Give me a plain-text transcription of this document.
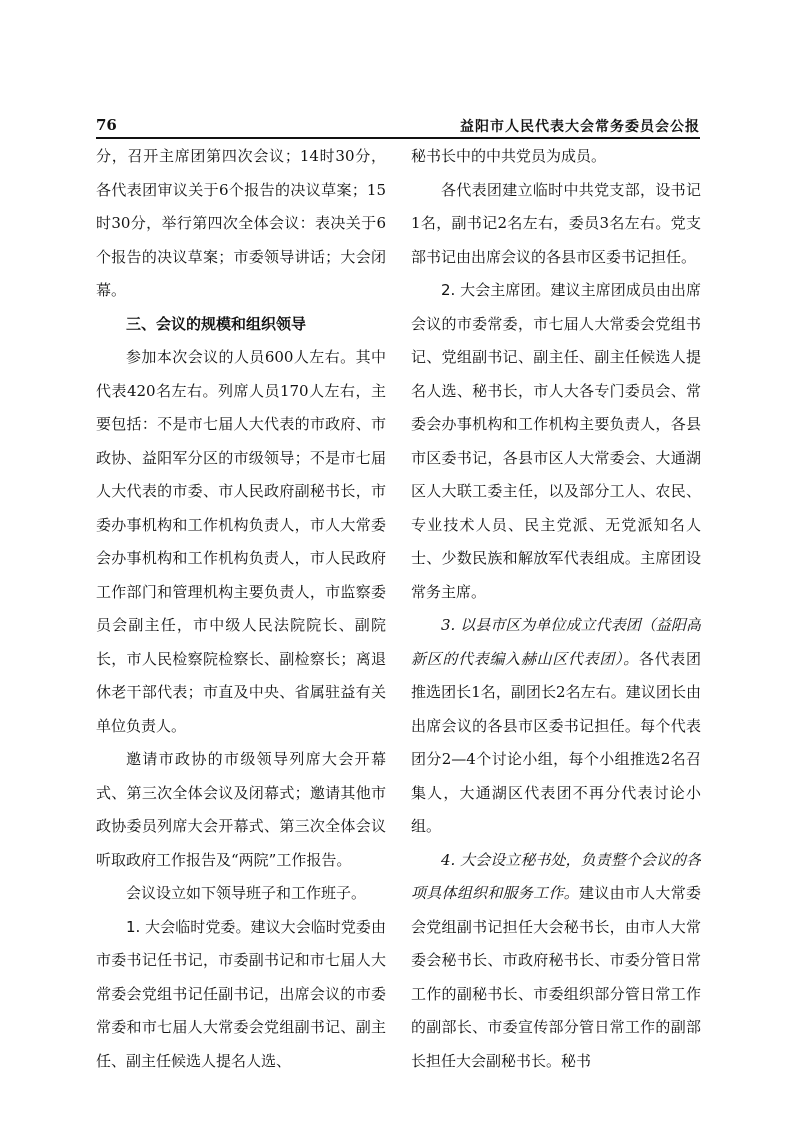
76	益阳市人民代表大会常务委员会公报

分，召开主席团第四次会议；14时30分，各代表团审议关于6个报告的决议草案；15时30分，举行第四次全体会议：表决关于6个报告的决议草案；市委领导讲话；大会闭幕。

三、会议的规模和组织领导

参加本次会议的人员600人左右。其中代表420名左右。列席人员170人左右，主要包括：不是市七届人大代表的市政府、市政协、益阳军分区的市级领导；不是市七届人大代表的市委、市人民政府副秘书长，市委办事机构和工作机构负责人，市人大常委会办事机构和工作机构负责人，市人民政府工作部门和管理机构主要负责人，市监察委员会副主任，市中级人民法院院长、副院长，市人民检察院检察长、副检察长；离退休老干部代表；市直及中央、省属驻益有关单位负责人。

邀请市政协的市级领导列席大会开幕式、第三次全体会议及闭幕式；邀请其他市政协委员列席大会开幕式、第三次全体会议听取政府工作报告及“两院”工作报告。

会议设立如下领导班子和工作班子。

1. 大会临时党委。建议大会临时党委由市委书记任书记，市委副书记和市七届人大常委会党组书记任副书记，出席会议的市委常委和市七届人大常委会党组副书记、副主任、副主任候选人提名人选、

秘书长中的中共党员为成员。

各代表团建立临时中共党支部，设书记1名，副书记2名左右，委员3名左右。党支部书记由出席会议的各县市区委书记担任。

2. 大会主席团。建议主席团成员由出席会议的市委常委，市七届人大常委会党组书记、党组副书记、副主任、副主任候选人提名人选、秘书长，市人大各专门委员会、常委会办事机构和工作机构主要负责人，各县市区委书记，各县市区人大常委会、大通湖区人大联工委主任，以及部分工人、农民、专业技术人员、民主党派、无党派知名人士、少数民族和解放军代表组成。主席团设常务主席。

3. 以县市区为单位成立代表团（益阳高新区的代表编入赫山区代表团）。各代表团推选团长1名，副团长2名左右。建议团长由出席会议的各县市区委书记担任。每个代表团分2—4个讨论小组，每个小组推选2名召集人，大通湖区代表团不再分代表讨论小组。

4. 大会设立秘书处，负责整个会议的各项具体组织和服务工作。建议由市人大常委会党组副书记担任大会秘书长，由市人大常委会秘书长、市政府秘书长、市委分管日常工作的副秘书长、市委组织部分管日常工作的副部长、市委宣传部分管日常工作的副部长担任大会副秘书长。秘书
